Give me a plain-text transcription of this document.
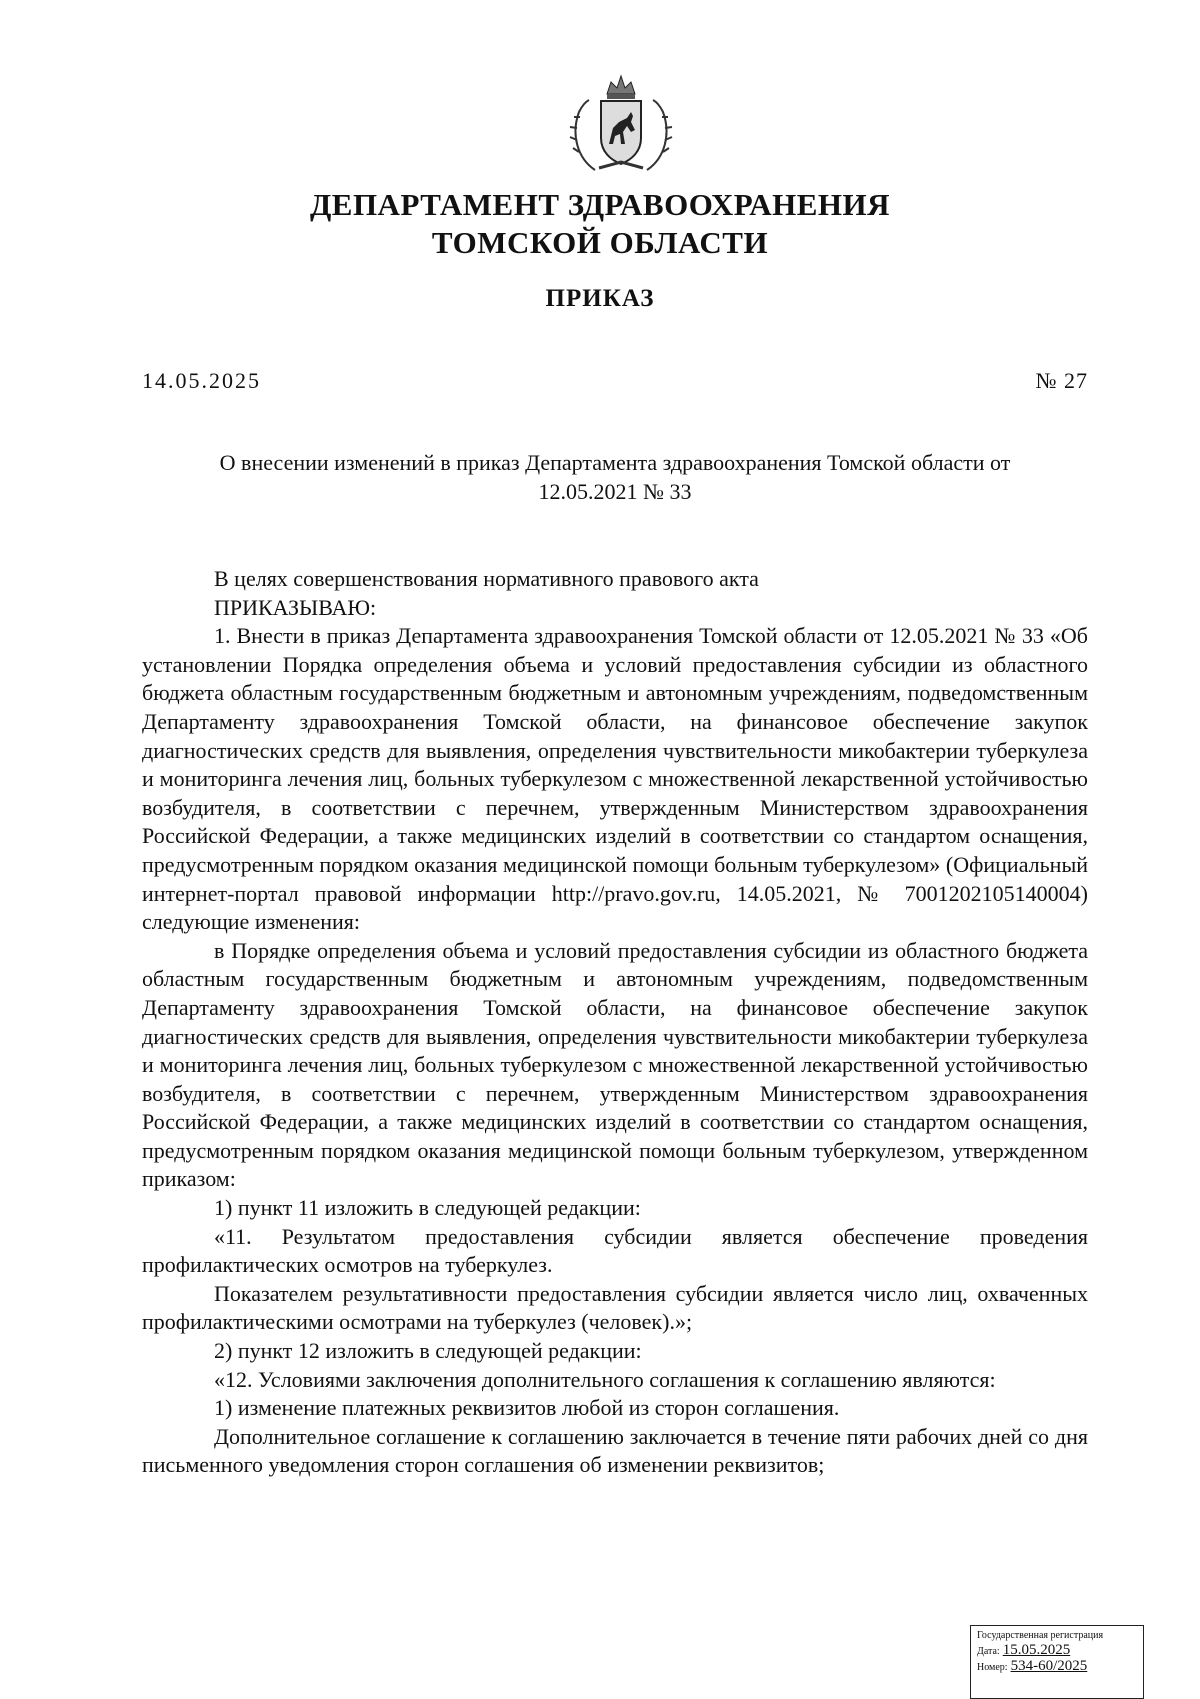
ДЕПАРТАМЕНТ ЗДРАВООХРАНЕНИЯ
ТОМСКОЙ ОБЛАСТИ
ПРИКАЗ
14.05.2025	№ 27
О внесении изменений в приказ Департамента здравоохранения Томской области от
12.05.2021 № 33

В целях совершенствования нормативного правового акта

ПРИКАЗЫВАЮ:

1. Внести в приказ Департамента здравоохранения Томской области от 12.05.2021 № 33 «Об установлении Порядка определения объема и условий предоставления субсидии из областного бюджета областным государственным бюджетным и автономным учреждениям, подведомственным Департаменту здравоохранения Томской области, на финансовое обеспечение закупок диагностических средств для выявления, определения чувствительности микобактерии туберкулеза и мониторинга лечения лиц, больных туберкулезом с множественной лекарственной устойчивостью возбудителя, в соответствии с перечнем, утвержденным Министерством здравоохранения Российской Федерации, а также медицинских изделий в соответствии со стандартом оснащения, предусмотренным порядком оказания медицинской помощи больным туберкулезом» (Официальный интернет-портал правовой информации http://pravo.gov.ru, 14.05.2021, № 7001202105140004) следующие изменения:

в Порядке определения объема и условий предоставления субсидии из областного бюджета областным государственным бюджетным и автономным учреждениям, подведомственным Департаменту здравоохранения Томской области, на финансовое обеспечение закупок диагностических средств для выявления, определения чувствительности микобактерии туберкулеза и мониторинга лечения лиц, больных туберкулезом с множественной лекарственной устойчивостью возбудителя, в соответствии с перечнем, утвержденным Министерством здравоохранения Российской Федерации, а также медицинских изделий в соответствии со стандартом оснащения, предусмотренным порядком оказания медицинской помощи больным туберкулезом, утвержденном приказом:

1) пункт 11 изложить в следующей редакции:

«11. Результатом предоставления субсидии является обеспечение проведения профилактических осмотров на туберкулез.

Показателем результативности предоставления субсидии является число лиц, охваченных профилактическими осмотрами на туберкулез (человек).»;

2) пункт 12 изложить в следующей редакции:

«12. Условиями заключения дополнительного соглашения к соглашению являются:

1) изменение платежных реквизитов любой из сторон соглашения.

Дополнительное соглашение к соглашению заключается в течение пяти рабочих дней со дня письменного уведомления сторон соглашения об изменении реквизитов;

Государственная регистрация
Дата: 15.05.2025
Номер: 534-60/2025
